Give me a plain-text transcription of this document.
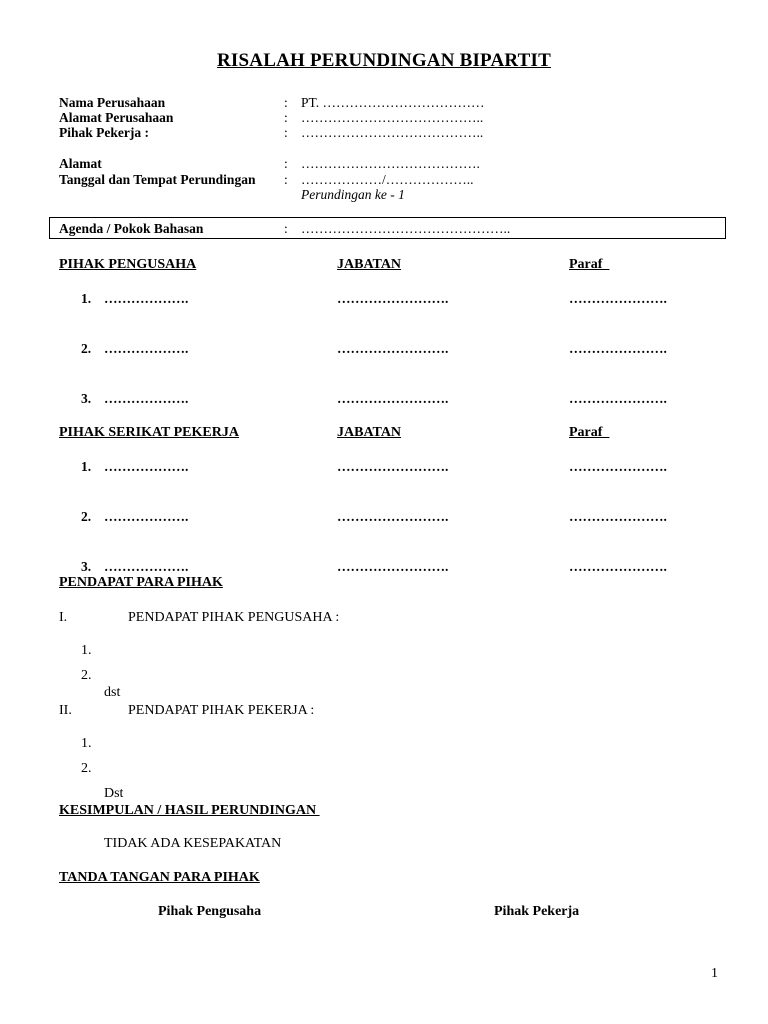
RISALAH PERUNDINGAN BIPARTIT
Nama Perusahaan	: PT. ………………………………
Alamat Perusahaan	: …………………………………..
Pihak Pekerja :	: …………………………………..
Alamat	: ………………………………….
Tanggal dan Tempat Perundingan : ………………/………………..
Perundingan ke - 1
Agenda / Pokok Bahasan	: ………………………………………..
PIHAK PENGUSAHA	JABATAN	Paraf
1. ……………….	…………………….	………………….
2. ……………….	…………………….	………………….
3. ……………….	…………………….	………………….
PIHAK SERIKAT PEKERJA	JABATAN	Paraf
1. ……………….	…………………….	………………….
2. ……………….	…………………….	………………….
3. ……………….	…………………….	………………….
PENDAPAT PARA PIHAK
I.	PENDAPAT PIHAK PENGUSAHA :
1.
2.
dst
II.	PENDAPAT PIHAK PEKERJA :
1.
2.
Dst
KESIMPULAN / HASIL PERUNDINGAN
TIDAK ADA KESEPAKATAN
TANDA TANGAN PARA PIHAK
Pihak Pengusaha	Pihak Pekerja
1
